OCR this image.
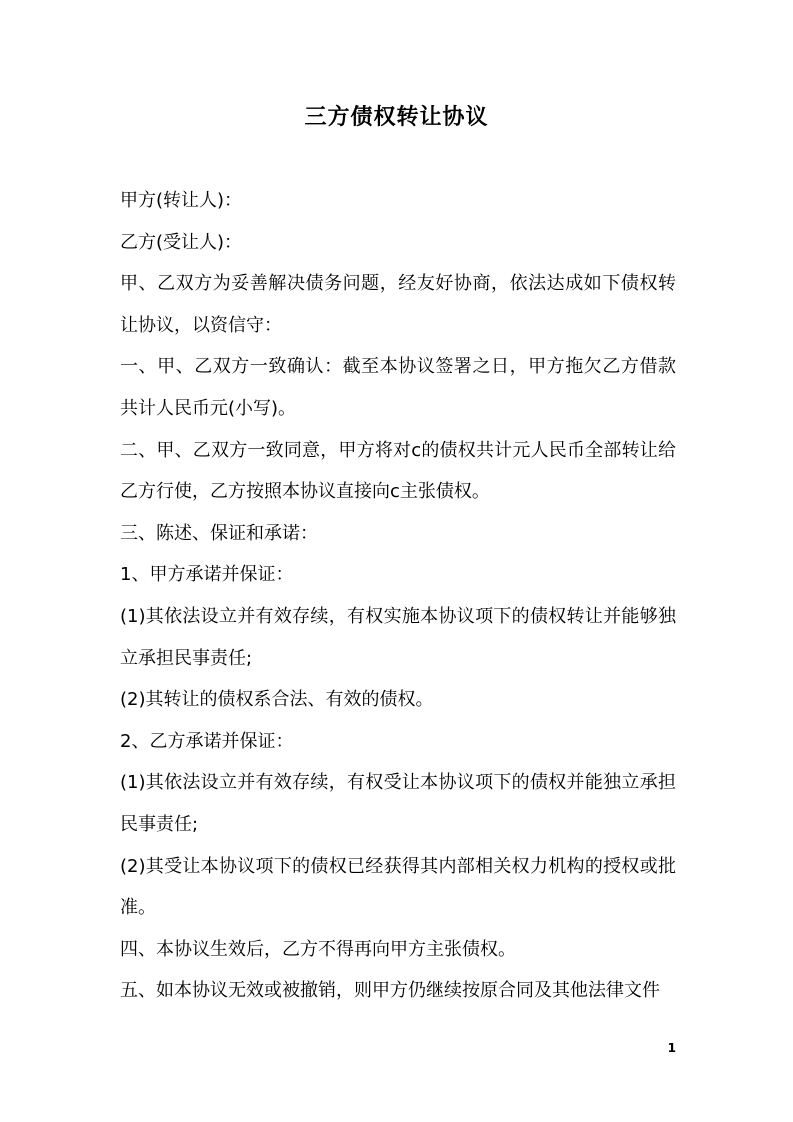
三方债权转让协议

甲方(转让人)：

乙方(受让人)：

甲、乙双方为妥善解决债务问题，经友好协商，依法达成如下债权转让协议，以资信守：

一、甲、乙双方一致确认：截至本协议签署之日，甲方拖欠乙方借款共计人民币元(小写)。

二、甲、乙双方一致同意，甲方将对c的债权共计元人民币全部转让给乙方行使，乙方按照本协议直接向c主张债权。

三、陈述、保证和承诺：

1、甲方承诺并保证：

(1)其依法设立并有效存续，有权实施本协议项下的债权转让并能够独立承担民事责任;

(2)其转让的债权系合法、有效的债权。

2、乙方承诺并保证：

(1)其依法设立并有效存续，有权受让本协议项下的债权并能独立承担民事责任;

(2)其受让本协议项下的债权已经获得其内部相关权力机构的授权或批准。

四、本协议生效后，乙方不得再向甲方主张债权。

五、如本协议无效或被撤销，则甲方仍继续按原合同及其他法律文件

1
